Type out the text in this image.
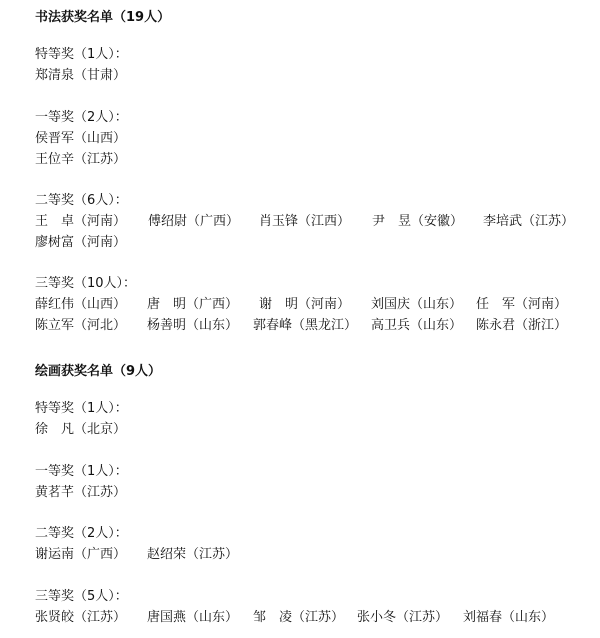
书法获奖名单（19人）
特等奖（1人）：
郑清泉（甘肃）
一等奖（2人）：
侯晋军（山西）
王位辛（江苏）
二等奖（6人）：
王　卓（河南） 傅绍尉（广西） 肖玉锋（江西） 尹　昱（安徽） 李培武（江苏）
廖树富（河南）
三等奖（10人）：
薛红伟（山西） 唐　明（广西） 谢　明（河南） 刘国庆（山东） 任　军（河南）
陈立军（河北） 杨善明（山东） 郭春峰（黑龙江） 高卫兵（山东） 陈永君（浙江）
绘画获奖名单（9人）
特等奖（1人）：
徐　凡（北京）
一等奖（1人）：
黄茗芊（江苏）
二等奖（2人）：
谢运南（广西） 赵绍荣（江苏）
三等奖（5人）：
张贤皎（江苏） 唐国燕（山东） 邹　凌（江苏） 张小冬（江苏） 刘福春（山东）
